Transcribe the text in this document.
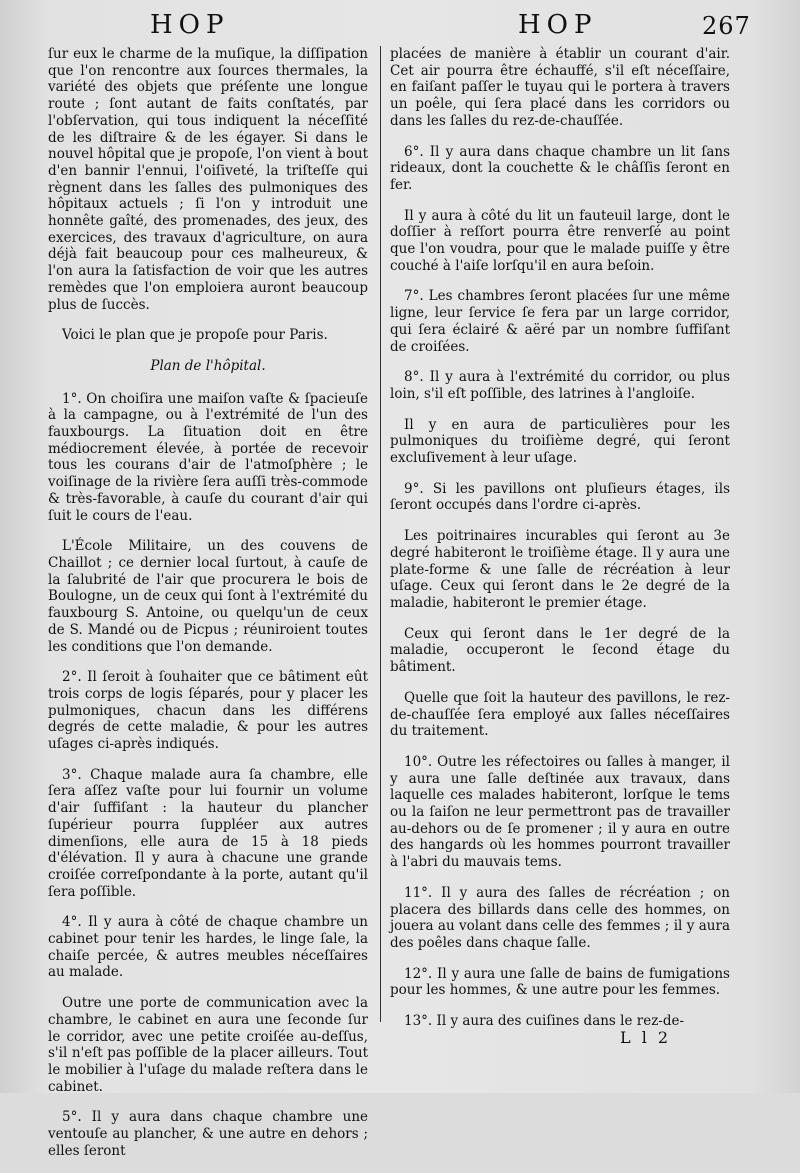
HOP	HOP	267

ſur eux le charme de la muſique, la diſſipation que l'on rencontre aux ſources thermales, la variété des objets que préſente une longue route ; ſont autant de faits conſtatés, par l'obſervation, qui tous indiquent la néceſſité de les diſtraire & de les égayer. Si dans le nouvel hôpital que je propoſe, l'on vient à bout d'en bannir l'ennui, l'oiſiveté, la triſteſſe qui règnent dans les ſalles des pulmoniques des hôpitaux actuels ; ſi l'on y introduit une honnête gaîté, des promenades, des jeux, des exercices, des travaux d'agriculture, on aura déjà fait beaucoup pour ces malheureux, & l'on aura la ſatisfaction de voir que les autres remèdes que l'on emploiera auront beaucoup plus de ſuccès.

Voici le plan que je propoſe pour Paris.

Plan de l'hôpital.

1°. On choiſira une maiſon vaſte & ſpacieuſe à la campagne, ou à l'extrémité de l'un des fauxbourgs. La ſituation doit en être médiocrement élevée, à portée de recevoir tous les courans d'air de l'atmoſphère ; le voiſinage de la rivière ſera auſſi très-commode & très-favorable, à cauſe du courant d'air qui ſuit le cours de l'eau.

L'École Militaire, un des couvens de Chaillot ; ce dernier local ſurtout, à cauſe de la ſalubrité de l'air que procurera le bois de Boulogne, un de ceux qui ſont à l'extrémité du fauxbourg S. Antoine, ou quelqu'un de ceux de S. Mandé ou de Picpus ; réuniroient toutes les conditions que l'on demande.

2°. Il ſeroit à ſouhaiter que ce bâtiment eût trois corps de logis ſéparés, pour y placer les pulmoniques, chacun dans les différens degrés de cette maladie, & pour les autres uſages ci-après indiqués.

3°. Chaque malade aura ſa chambre, elle ſera aſſez vaſte pour lui fournir un volume d'air ſuffiſant : la hauteur du plancher ſupérieur pourra ſuppléer aux autres dimenſions, elle aura de 15 à 18 pieds d'élévation. Il y aura à chacune une grande croiſée correſpondante à la porte, autant qu'il ſera poſſible.

4°. Il y aura à côté de chaque chambre un cabinet pour tenir les hardes, le linge ſale, la chaiſe percée, & autres meubles néceſſaires au malade.

Outre une porte de communication avec la chambre, le cabinet en aura une ſeconde ſur le corridor, avec une petite croiſée au-deſſus, s'il n'eſt pas poſſible de la placer ailleurs. Tout le mobilier à l'uſage du malade reſtera dans le cabinet.

5°. Il y aura dans chaque chambre une ventouſe au plancher, & une autre en dehors ; elles ſeront

placées de manière à établir un courant d'air. Cet air pourra être échauffé, s'il eſt néceſſaire, en faiſant paſſer le tuyau qui le portera à travers un poêle, qui ſera placé dans les corridors ou dans les ſalles du rez-de-chauſſée.

6°. Il y aura dans chaque chambre un lit ſans rideaux, dont la couchette & le châſſis ſeront en fer.

Il y aura à côté du lit un fauteuil large, dont le doſſier à reſſort pourra être renverſé au point que l'on voudra, pour que le malade puiſſe y être couché à l'aiſe lorſqu'il en aura beſoin.

7°. Les chambres ſeront placées ſur une même ligne, leur ſervice ſe fera par un large corridor, qui ſera éclairé & aëré par un nombre ſuffiſant de croiſées.

8°. Il y aura à l'extrémité du corridor, ou plus loin, s'il eſt poſſible, des latrines à l'angloiſe.

Il y en aura de particulières pour les pulmoniques du troiſième degré, qui ſeront excluſivement à leur uſage.

9°. Si les pavillons ont pluſieurs étages, ils ſeront occupés dans l'ordre ci-après.

Les poitrinaires incurables qui ſeront au 3e degré habiteront le troiſième étage. Il y aura une plate-forme & une ſalle de récréation à leur uſage. Ceux qui ſeront dans le 2e degré de la maladie, habiteront le premier étage.

Ceux qui ſeront dans le 1er degré de la maladie, occuperont le ſecond étage du bâtiment.

Quelle que ſoit la hauteur des pavillons, le rez-de-chauſſée ſera employé aux ſalles néceſſaires du traitement.

10°. Outre les réfectoires ou ſalles à manger, il y aura une ſalle deſtinée aux travaux, dans laquelle ces malades habiteront, lorſque le tems ou la ſaiſon ne leur permettront pas de travailler au-dehors ou de ſe promener ; il y aura en outre des hangards où les hommes pourront travailler à l'abri du mauvais tems.

11°. Il y aura des ſalles de récréation ; on placera des billards dans celle des hommes, on jouera au volant dans celle des femmes ; il y aura des poêles dans chaque ſalle.

12°. Il y aura une ſalle de bains de fumigations pour les hommes, & une autre pour les femmes.

13°. Il y aura des cuiſines dans le rez-de-

L l 2
